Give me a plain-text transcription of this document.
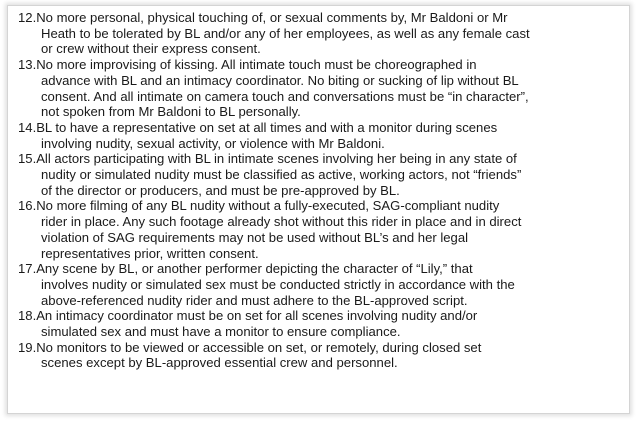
12.No more personal, physical touching of, or sexual comments by, Mr Baldoni or Mr
Heath to be tolerated by BL and/or any of her employees, as well as any female cast
or crew without their express consent.
13.No more improvising of kissing. All intimate touch must be choreographed in
advance with BL and an intimacy coordinator. No biting or sucking of lip without BL
consent. And all intimate on camera touch and conversations must be “in character”,
not spoken from Mr Baldoni to BL personally.
14.BL to have a representative on set at all times and with a monitor during scenes
involving nudity, sexual activity, or violence with Mr Baldoni.
15.All actors participating with BL in intimate scenes involving her being in any state of
nudity or simulated nudity must be classified as active, working actors, not “friends”
of the director or producers, and must be pre-approved by BL.
16.No more filming of any BL nudity without a fully-executed, SAG-compliant nudity
rider in place. Any such footage already shot without this rider in place and in direct
violation of SAG requirements may not be used without BL’s and her legal
representatives prior, written consent.
17.Any scene by BL, or another performer depicting the character of “Lily,” that
involves nudity or simulated sex must be conducted strictly in accordance with the
above-referenced nudity rider and must adhere to the BL-approved script.
18.An intimacy coordinator must be on set for all scenes involving nudity and/or
simulated sex and must have a monitor to ensure compliance.
19.No monitors to be viewed or accessible on set, or remotely, during closed set
scenes except by BL-approved essential crew and personnel.
